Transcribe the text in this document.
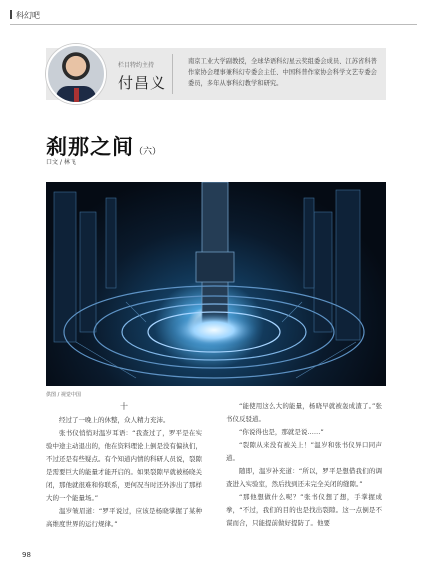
科幻吧
栏目特约主持
付昌义
南京工业大学副教授，全球华语科幻星云奖组委会成员、江苏省科普作家协会理事兼科幻专委会主任、中国科普作家协会科学文艺专委会委员，多年从事科幻教学和研究。
刹那之间（六）
口文 / 林飞
供图 / 视觉中国
十

经过了一晚上的休整，众人精力充沛。

张书仪悄悄对温岁耳语：“我查过了，罗平是在实验中途主动退出的，他在资料理论上倒是没有偏执们，不过还是有些疑点。有个知道内情的科研人员说，裂隙是需要巨大的能量才能开启的。如果裂隙早就被杨晓关闭，那他就很难和你联系，更何况当时还外涉出了那样大的一个能量场。”

温岁皱眉道：“罗平说过，应该是杨晓掌握了某种高维度世界的运行规律。”

“能使用这么大的能量，杨晓早就被轰成渣了。”张书仪反驳道。

“你说得也是，那就是说……”

“裂隙从来没有被关上！”温岁和张书仪异口同声道。

随即，温岁补充道：“所以，罗平是想借我们的调查进入实验室，然后找到还未完全关闭的缝隙。”

“那他想做什么呢？”张书仪想了想，手掌握成拳，“不过，我们的目的也是找出裂隙。这一点倒是不谋而合，只能提前做好提防了。他要

98
